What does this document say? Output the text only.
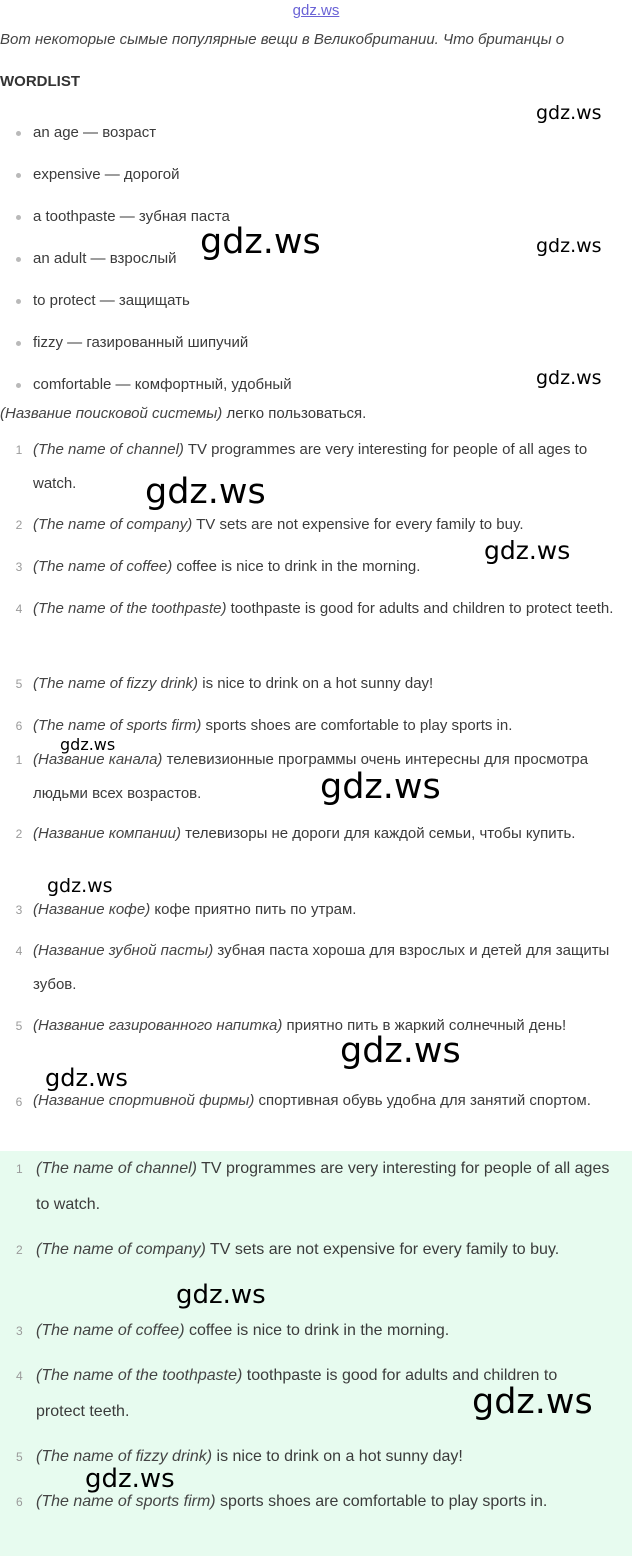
gdz.ws
Вот некоторые сымые популярные вещи в Великобритании. Что британцы о
WORDLIST
an age — возраст
expensive — дорогой
a toothpaste — зубная паста
an adult — взрослый
to protect — защищать
fizzy — газированный шипучий
comfortable — комфортный, удобный
(Название поисковой системы) легко пользоваться.
1 (The name of channel) TV programmes are very interesting for people of all ages to watch.
2 (The name of company) TV sets are not expensive for every family to buy.
3 (The name of coffee) coffee is nice to drink in the morning.
4 (The name of the toothpaste) toothpaste is good for adults and children to protect teeth.
5 (The name of fizzy drink) is nice to drink on a hot sunny day!
6 (The name of sports firm) sports shoes are comfortable to play sports in.
1 (Название канала) телевизионные программы очень интересны для просмотра людьми всех возрастов.
2 (Название компании) телевизоры не дороги для каждой семьи, чтобы купить.
3 (Название кофе) кофе приятно пить по утрам.
4 (Название зубной пасты) зубная паста хороша для взрослых и детей для защиты зубов.
5 (Название газированного напитка) приятно пить в жаркий солнечный день!
6 (Название спортивной фирмы) спортивная обувь удобна для занятий спортом.
1 (The name of channel) TV programmes are very interesting for people of all ages to watch.
2 (The name of company) TV sets are not expensive for every family to buy.
3 (The name of coffee) coffee is nice to drink in the morning.
4 (The name of the toothpaste) toothpaste is good for adults and children to protect teeth.
5 (The name of fizzy drink) is nice to drink on a hot sunny day!
6 (The name of sports firm) sports shoes are comfortable to play sports in.
gdz.ws
gdz.ws	gdz.ws
gdz.ws
gdz.ws
gdz.ws
gdz.ws
gdz.ws
gdz.ws
gdz.ws
gdz.ws
gdz.ws
gdz.ws
gdz.ws
